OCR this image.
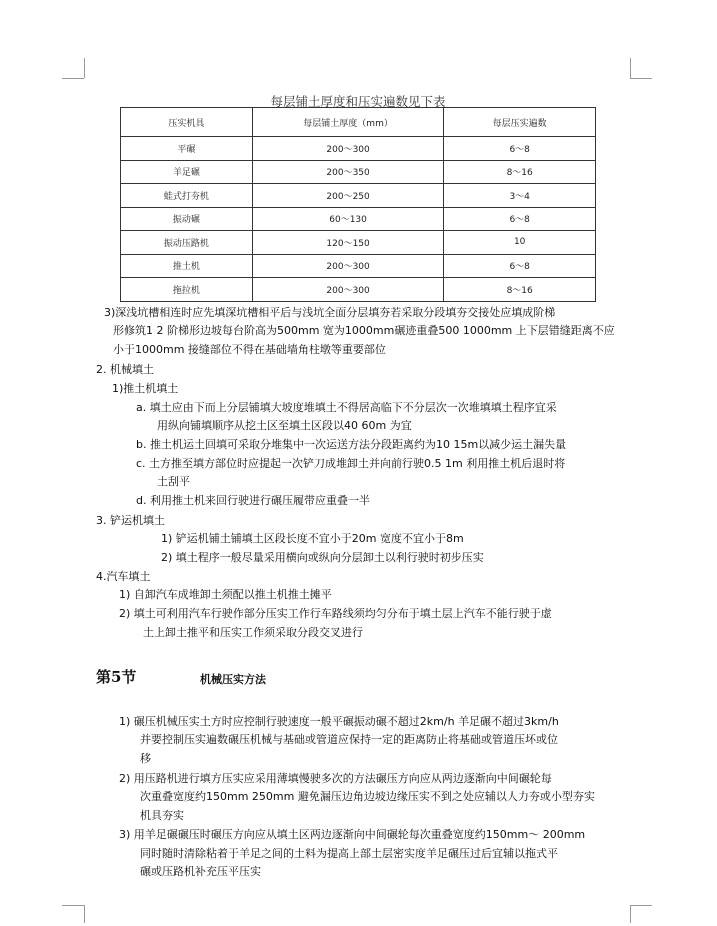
每层铺土厚度和压实遍数见下表
压实机具	每层铺土厚度（mm）	每层压实遍数
平碾	200～300	6～8
羊足碾	200～350	8～16
蛙式打夯机	200～250	3～4
振动碾	60～130	6～8
振动压路机	120～150	10
推土机	200～300	6～8
拖拉机	200～300	8～16
3)深浅坑槽相连时应先填深坑槽相平后与浅坑全面分层填夯若采取分段填夯交接处应填成阶梯
形修筑1 2 阶梯形边坡每台阶高为500mm 宽为1000mm碾迹重叠500 1000mm 上下层错缝距离不应
小于1000mm 接缝部位不得在基础墙角柱墩等重要部位
2. 机械填土
1)推土机填土
a. 填土应由下而上分层铺填大坡度堆填土不得居高临下不分层次一次堆填填土程序宜采
用纵向铺填顺序从挖土区至填土区段以40 60m 为宜
b. 推土机运土回填可采取分堆集中一次运送方法分段距离约为10 15m以减少运土漏失量
c. 土方推至填方部位时应提起一次铲刀成堆卸土并向前行驶0.5 1m 利用推土机后退时将
土刮平
d. 利用推土机来回行驶进行碾压履带应重叠一半
3. 铲运机填土
1) 铲运机铺土铺填土区段长度不宜小于20m 宽度不宜小于8m
2) 填土程序一般尽量采用横向或纵向分层卸土以利行驶时初步压实
4.汽车填土
1) 自卸汽车成堆卸土须配以推土机推土摊平
2) 填土可利用汽车行驶作部分压实工作行车路线须均匀分布于填土层上汽车不能行驶于虚
土上卸土推平和压实工作须采取分段交叉进行
第5节	机械压实方法
1) 碾压机械压实土方时应控制行驶速度一般平碾振动碾不超过2km/h 羊足碾不超过3km/h
并要控制压实遍数碾压机械与基础或管道应保持一定的距离防止将基础或管道压坏或位
移
2) 用压路机进行填方压实应采用薄填慢驶多次的方法碾压方向应从两边逐渐向中间碾轮每
次重叠宽度约150mm 250mm 避免漏压边角边坡边缘压实不到之处应辅以人力夯或小型夯实
机具夯实
3) 用羊足碾碾压时碾压方向应从填土区两边逐渐向中间碾轮每次重叠宽度约150mm～ 200mm
同时随时清除粘着于羊足之间的土料为提高上部土层密实度羊足碾压过后宜辅以拖式平
碾或压路机补充压平压实
